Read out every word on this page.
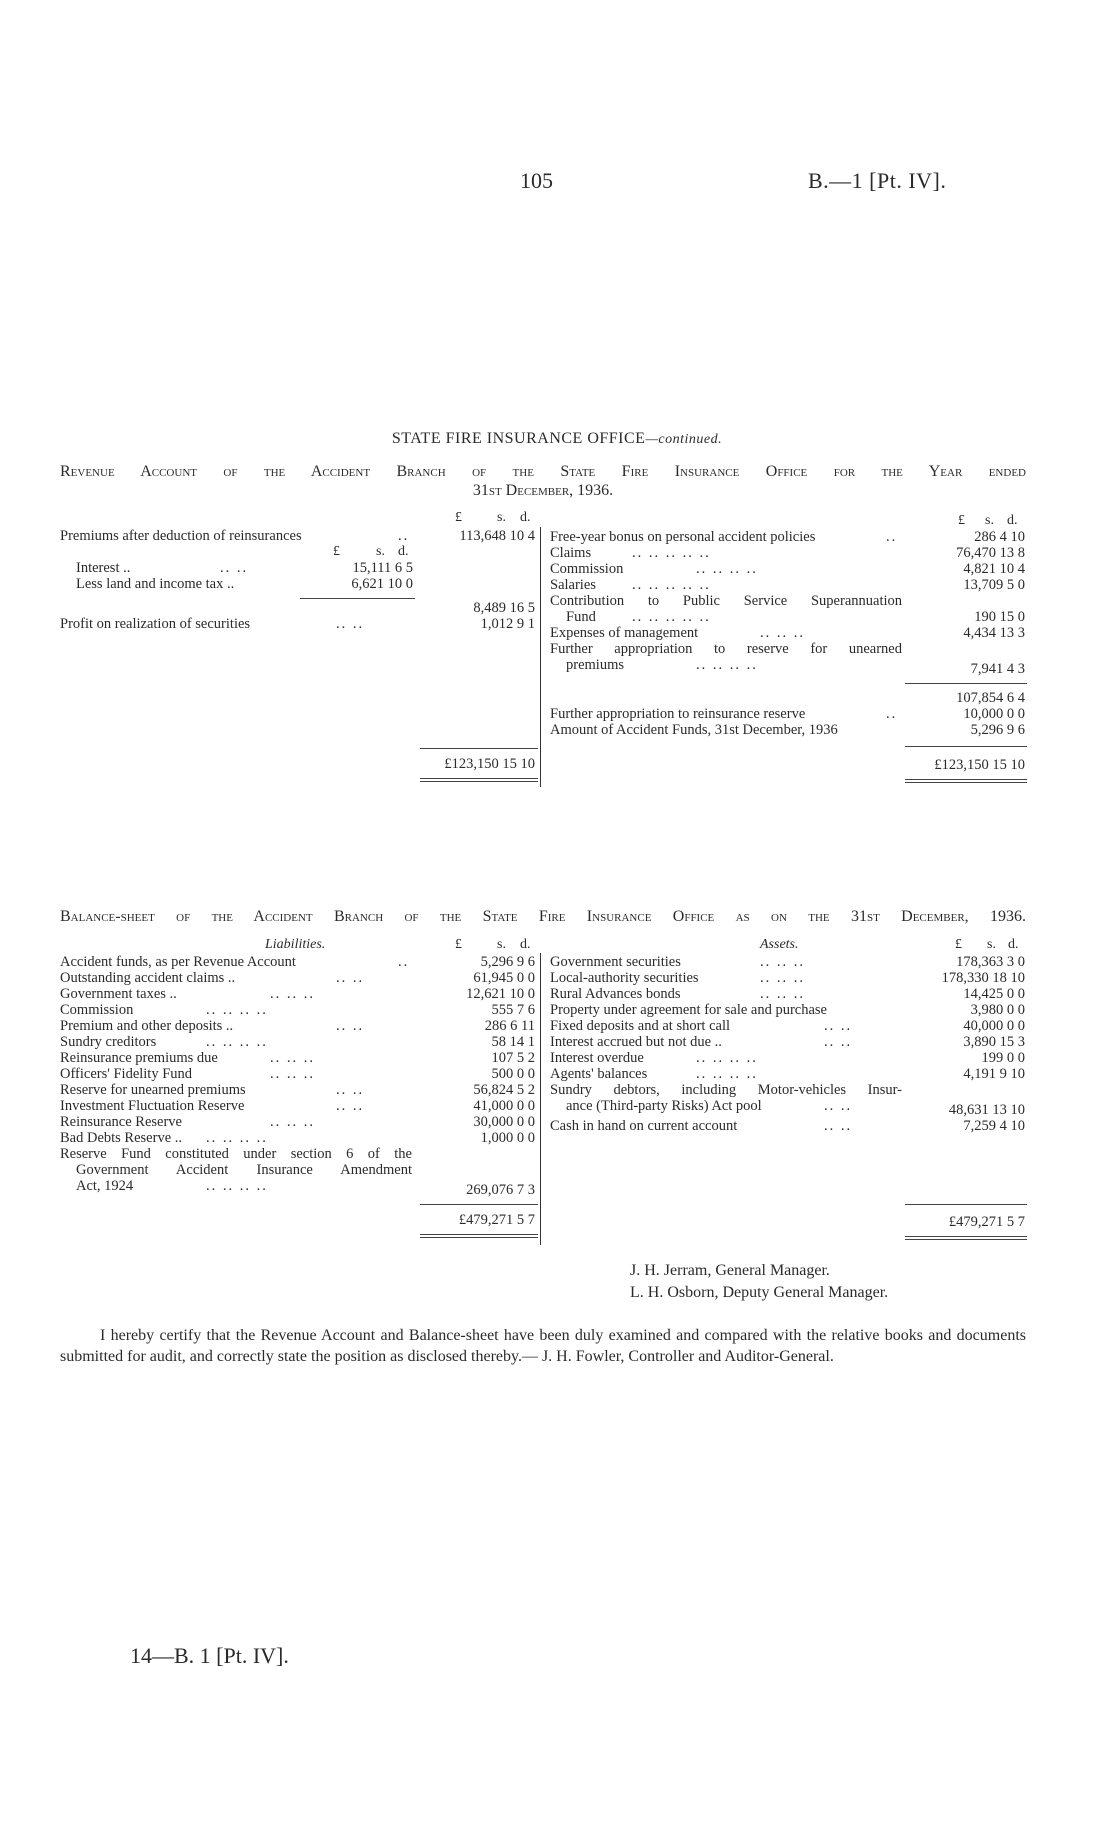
105	B.—1 [Pt. IV].
STATE FIRE INSURANCE OFFICE—continued.
Revenue Account of the Accident Branch of the State Fire Insurance Office for the Year ended
31st December, 1936.
£	s. d.	£ s. d.
Premiums after deduction of reinsurances	..	113,648 10 4
£	s. d.
Interest ..	.. ..	15,111 6 5
Less land and income tax ..	6,621 10 0
8,489 16 5
Profit on realization of securities	.. ..	1,012 9 1
£123,150 15 10
Free-year bonus on personal accident policies	..	286 4 10
Claims	.. .. .. .. ..	76,470 13 8
Commission	.. .. .. ..	4,821 10 4
Salaries .. .. .. .. ..	13,709 5 0
Contribution to Public Service Superannuation
Fund .. .. .. .. ..	190 15 0
Expenses of management	.. .. ..	4,434 13 3
Further appropriation to reserve for unearned
premiums	.. .. .. ..	7,941 4 3
107,854 6 4
Further appropriation to reinsurance reserve	..	10,000 0 0
Amount of Accident Funds, 31st December, 1936	5,296 9 6
£123,150 15 10
Balance-sheet of the Accident Branch of the State Fire Insurance Office as on the 31st December, 1936.
Liabilities.	£	s. d.	Assets.	£ s. d.
Accident funds, as per Revenue Account	..	5,296 9 6
Outstanding accident claims ..	.. ..	61,945 0 0
Government taxes ..	.. .. ..	12,621 10 0
Commission	.. .. .. ..	555 7 6
Premium and other deposits ..	.. ..	286 6 11
Sundry creditors	.. .. .. ..	58 14 1
Reinsurance premiums due	.. .. ..	107 5 2
Officers' Fidelity Fund	.. .. ..	500 0 0
Reserve for unearned premiums	.. ..	56,824 5 2
Investment Fluctuation Reserve	.. ..	41,000 0 0
Reinsurance Reserve	.. .. ..	30,000 0 0
Bad Debts Reserve .. .. .. .. ..	1,000 0 0
Reserve Fund constituted under section 6 of the
Government Accident Insurance Amendment
Act, 1924	.. .. .. ..	269,076 7 3
£479,271 5 7
Government securities	.. .. ..	178,363 3 0
Local-authority securities	.. .. ..	178,330 18 10
Rural Advances bonds	.. .. ..	14,425 0 0
Property under agreement for sale and purchase	3,980 0 0
Fixed deposits and at short call	.. ..	40,000 0 0
Interest accrued but not due ..	.. ..	3,890 15 3
Interest overdue	.. .. .. ..	199 0 0
Agents' balances	.. .. .. ..	4,191 9 10
Sundry debtors, including Motor-vehicles Insur-
ance (Third-party Risks) Act pool	.. ..	48,631 13 10
Cash in hand on current account	.. ..	7,259 4 10
£479,271 5 7
J. H. Jerram, General Manager.
L. H. Osborn, Deputy General Manager.
I hereby certify that the Revenue Account and Balance-sheet have been duly examined and compared with the relative books and documents submitted for audit, and correctly state the position as disclosed thereby.— J. H. Fowler, Controller and Auditor-General.
14—B. 1 [Pt. IV].
